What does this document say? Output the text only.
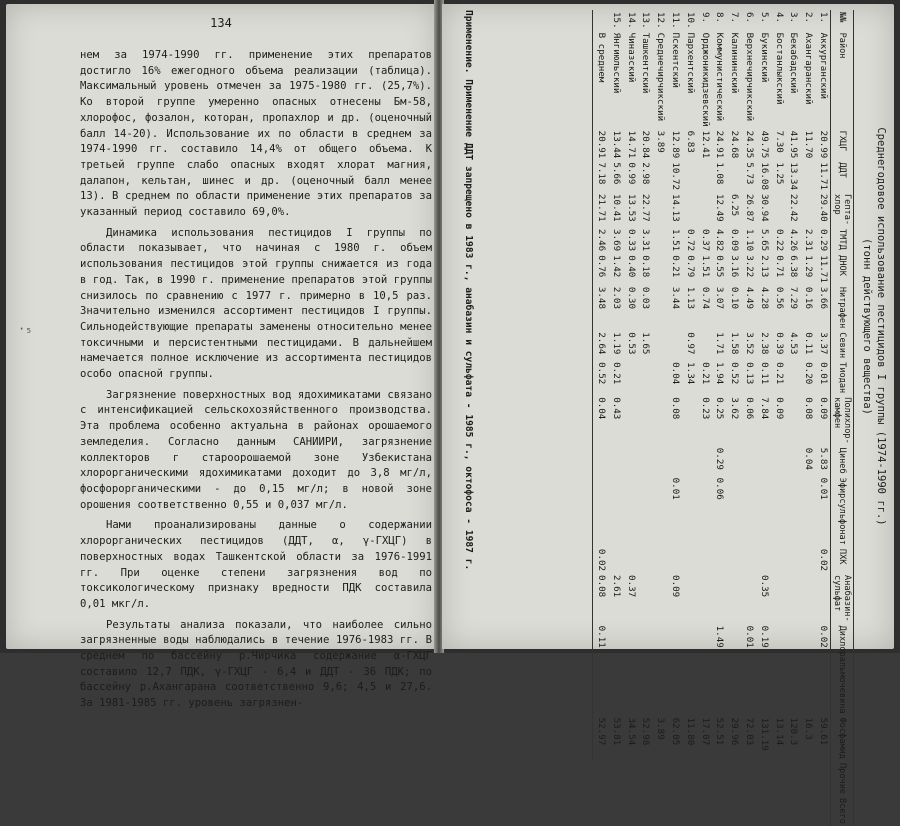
134
·₅

нем за 1974-1990 гг. применение этих препаратов достигло 16% ежегодного объема реализации (таблица). Максимальный уровень отмечен за 1975-1980 гг. (25,7%). Ко второй группе умеренно опасных отнесены Бм-58, хлорофос, фозалон, которан, пропахлор и др. (оценочный балл 14-20). Использование их по области в среднем за 1974-1990 гг. составило 14,4% от общего объема. К третьей группе слабо опасных входят хлорат магния, далапон, кельтан, шинес и др. (оценочный балл менее 13). В среднем по области применение этих препаратов за указанный период составило 69,0%.

Динамика использования пестицидов I группы по области показывает, что начиная с 1980 г. объем использования пестицидов этой группы снижается из года в год. Так, в 1990 г. применение препаратов этой группы снизилось по сравнению с 1977 г. примерно в 10,5 раз. Значительно изменился ассортимент пестицидов I группы. Сильнодействующие препараты заменены относительно менее токсичными и персистентными пестицидами. В дальнейшем намечается полное исключение из ассортимента пестицидов особо опасной группы.

Загрязнение поверхностных вод ядохимикатами связано с интенсификацией сельскохозяйственного производства. Эта проблема особенно актуальна в районах орошаемого земледелия. Согласно данным САНИИРИ, загрязнение коллекторов г староорошаемой зоне Узбекистана хлорорганическими ядохимикатами доходит до 3,8 мг/л, фосфорорганическими - до 0,15 мг/л; в новой зоне орошения соответственно 0,55 и 0,037 мг/л.

Нами проанализированы данные о содержании хлорорганических пестицидов (ДДТ, α, γ-ГХЦГ) в поверхностных водах Ташкентской области за 1976-1991 гг. При оценке степени загрязнения вод по токсикологическому признаку вредности ПДК составила 0,01 мкг/л.

Результаты анализа показали, что наиболее сильно загрязненные воды наблюдались в течение 1976-1983 гг. В среднем по бассейну р.Чирчика содержание α-ГХЦГ составило 12,7 ПДК, γ-ГХЦГ - 6,4 и ДДТ - 36 ПДК; по бассейну р.Ахангарана соответственно 9,6; 4,5 и 27,6. За 1981-1985 гг. уровень загрязнен-

Среднегодовое использование пестицидов I группы (1974-1990 гг.)
(тонн действующего вещества)
№№	Район	ГХЦГ	ДДТ	Гепта-хлор	ТМТД	ДНОК	Нитрафен	Севин	Тиодан	Полихлор-камфен	Цинеб	Эфирсульфонат	ПХК	Анабазин-сульфат	Дихлоральмочевина	Фосфамид	Прочие	Всего
1.	Аккурганский	20.99	11.71	29.40	0.29	11.71	3.66	3.37	0.01	0.09	5.83	0.01	0.02		0.02	59.61		
2.	Ахангаранский	11.70			2.31	1.29	0.16	0.11	0.20	0.08	0.04					16.3		
3.	Бекабадский	41.95	13.34	22.42	4.26	6.38	7.29	4.53								120.3		
4.	Бостанлыкский	7.30	1.25		0.22	0.71	0.56	0.39	0.21	0.09						13.14		
5.	Букинский	49.75	16.08	30.94	5.65	2.13	4.28	2.38	0.11	7.84				0.35	0.19	131.19		
6.	Верхнечирчикский	24.35	5.73	26.87	1.10	3.22	4.49	3.52	0.13	0.06					0.01	72.03		
7.	Калининский	24.68		6.25	0.09	3.16	0.10	1.58	0.52	3.62						29.96		
8.	Коммунистический	24.91	1.08	12.49	4.82	0.55	3.07	1.71	1.94	0.25	0.29	0.06			1.49	52.51		
9.	Орджоникидзевский	12.41			0.37	1.51	0.74		0.21	0.23						17.07		
10.	Пархентский	6.83			0.72	0.79	1.13	0.97	1.34							11.80		
11.	Пскентский	12.89	10.72	14.13	1.51	0.21	3.44		0.04	0.08		0.01		0.09		62.05		
12.	Среднечирчикский	3.89														3.89		
13.	Ташкентский	20.84	2.98	22.77	3.31	0.18	0.03	1.65								52.98		
14.	Чиназский	14.71	0.99	13.53	0.33	0.40	0.30	0.53						0.37		34.54		
15.	Янгиюльский	13.44	5.66	10.41	3.69	1.42	2.03	1.19	0.21	0.43				2.61		53.81		
	В среднем	20.91	7.18	21.71	2.46	0.76	3.48	2.64	0.52	0.04			0.02	0.08	0.11	52.97		
Применение. Применение ДДТ запрещено в 1983 г., анабазин и сульфата - 1985 г., октофоса - 1987 г.
